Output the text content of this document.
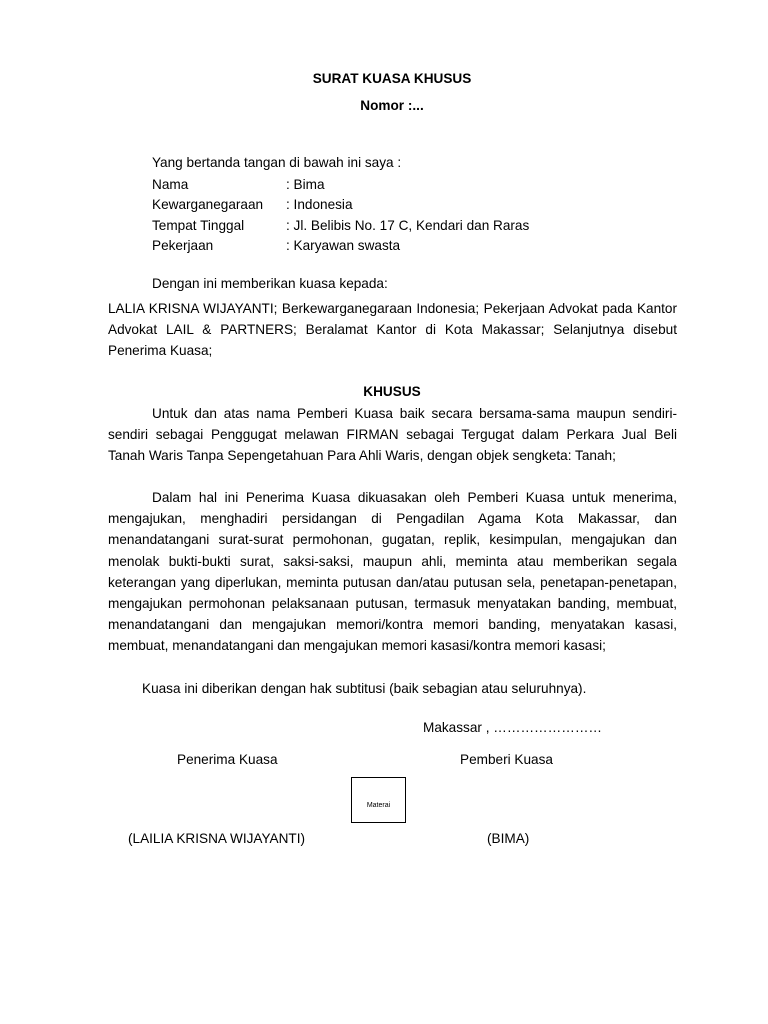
SURAT KUASA KHUSUS

Nomor :...

Yang bertanda tangan di bawah ini saya :

Nama	: Bima
Kewarganegaraan	: Indonesia
Tempat Tinggal	: Jl. Belibis No. 17 C, Kendari dan Raras
Pekerjaan	: Karyawan swasta

Dengan ini memberikan kuasa kepada:

LALIA KRISNA WIJAYANTI; Berkewarganegaraan Indonesia; Pekerjaan Advokat pada Kantor Advokat LAIL & PARTNERS; Beralamat Kantor di Kota Makassar; Selanjutnya disebut Penerima Kuasa;

KHUSUS

Untuk dan atas nama Pemberi Kuasa baik secara bersama-sama maupun sendiri-sendiri sebagai Penggugat melawan FIRMAN sebagai Tergugat dalam Perkara Jual Beli Tanah Waris Tanpa Sepengetahuan Para Ahli Waris, dengan objek sengketa: Tanah;

Dalam hal ini Penerima Kuasa dikuasakan oleh Pemberi Kuasa untuk menerima, mengajukan, menghadiri persidangan di Pengadilan Agama Kota Makassar, dan menandatangani surat-surat permohonan, gugatan, replik, kesimpulan, mengajukan dan menolak bukti-bukti surat, saksi-saksi, maupun ahli, meminta atau memberikan segala keterangan yang diperlukan, meminta putusan dan/atau putusan sela, penetapan-penetapan, mengajukan permohonan pelaksanaan putusan, termasuk menyatakan banding, membuat, menandatangani dan mengajukan memori/kontra memori banding, menyatakan kasasi, membuat, menandatangani dan mengajukan memori kasasi/kontra memori kasasi;

Kuasa ini diberikan dengan hak subtitusi (baik sebagian atau seluruhnya).

Makassar , ……………………

Penerima Kuasa	Pemberi Kuasa

Materai

(LAILIA KRISNA WIJAYANTI)	(BIMA)
